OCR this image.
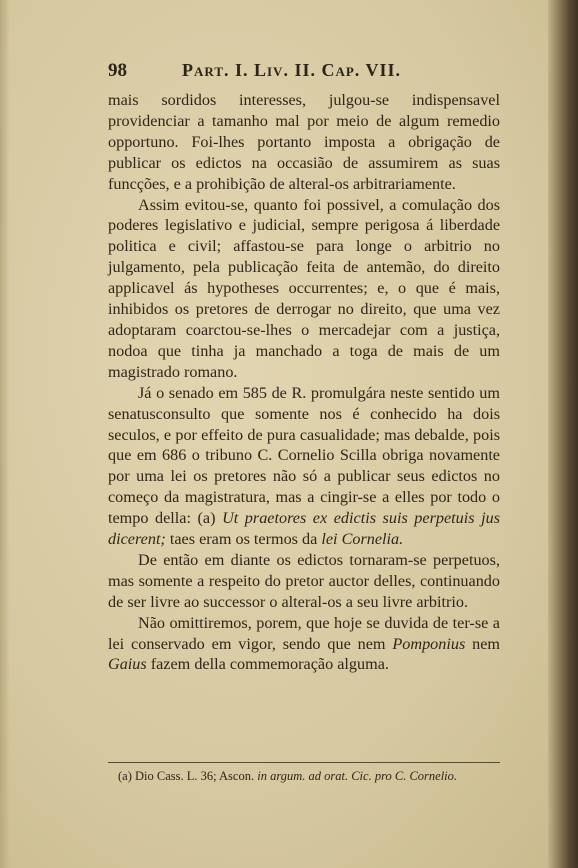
98	Part. I. Liv. II. Cap. VII.

mais sordidos interesses, julgou-se indispensavel providenciar a tamanho mal por meio de algum remedio opportuno. Foi-lhes portanto imposta a obrigação de publicar os edictos na occasião de assumirem as suas funcções, e a prohibição de alteral-os arbitrariamente.

Assim evitou-se, quanto foi possivel, a comulação dos poderes legislativo e judicial, sempre perigosa á liberdade politica e civil; affastou-se para longe o arbitrio no julgamento, pela publicação feita de antemão, do direito applicavel ás hypotheses occurrentes; e, o que é mais, inhibidos os pretores de derrogar no direito, que uma vez adoptaram coarctou-se-lhes o mercadejar com a justiça, nodoa que tinha ja manchado a toga de mais de um magistrado romano.

Já o senado em 585 de R. promulgára neste sentido um senatusconsulto que somente nos é conhecido ha dois seculos, e por effeito de pura casualidade; mas debalde, pois que em 686 o tribuno C. Cornelio Scilla obriga novamente por uma lei os pretores não só a publicar seus edictos no começo da magistratura, mas a cingir-se a elles por todo o tempo della: (a) Ut praetores ex edictis suis perpetuis jus dicerent; taes eram os termos da lei Cornelia.

De então em diante os edictos tornaram-se perpetuos, mas somente a respeito do pretor auctor delles, continuando de ser livre ao successor o alteral-os a seu livre arbitrio.

Não omittiremos, porem, que hoje se duvida de ter-se a lei conservado em vigor, sendo que nem Pomponius nem Gaius fazem della commemoração alguma.

(a) Dio Cass. L. 36; Ascon. in argum. ad orat. Cic. pro C. Cornelio.
